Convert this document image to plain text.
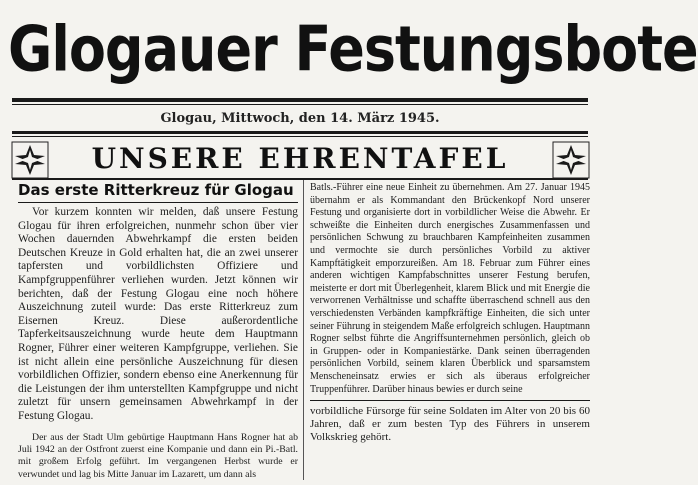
Glogauer Festungsbote
Glogau, Mittwoch, den 14. März 1945.
UNSERE EHRENTAFEL
Das erste Ritterkreuz für Glogau

Vor kurzem konnten wir melden, daß unsere Festung Glogau für ihren erfolgreichen, nunmehr schon über vier Wochen dauernden Abwehrkampf die ersten beiden Deutschen Kreuze in Gold erhalten hat, die an zwei unserer tapfersten und vorbildlichsten Offiziere und Kampfgruppenführer verliehen wurden. Jetzt können wir berichten, daß der Festung Glogau eine noch höhere Auszeichnung zuteil wurde: Das erste Ritterkreuz zum Eisernen Kreuz. Diese außerordentliche Tapferkeitsauszeichnung wurde heute dem Hauptmann Rogner, Führer einer weiteren Kampfgruppe, verliehen. Sie ist nicht allein eine persönliche Auszeichnung für diesen vorbildlichen Offizier, sondern ebenso eine Anerkennung für die Leistungen der ihm unterstellten Kampfgruppe und nicht zuletzt für unsern gemeinsamen Abwehrkampf in der Festung Glogau.

Der aus der Stadt Ulm gebürtige Hauptmann Hans Rogner hat ab Juli 1942 an der Ostfront zuerst eine Kompanie und dann ein Pi.-Batl. mit großem Erfolg geführt. Im vergangenen Herbst wurde er verwundet und lag bis Mitte Januar im Lazarett, um dann als

Batls.-Führer eine neue Einheit zu übernehmen. Am 27. Januar 1945 übernahm er als Kommandant den Brückenkopf Nord unserer Festung und organisierte dort in vorbildlicher Weise die Abwehr. Er schweißte die Einheiten durch energisches Zusammenfassen und persönlichen Schwung zu brauchbaren Kampfeinheiten zusammen und vermochte sie durch persönliches Vorbild zu aktiver Kampftätigkeit emporzureißen. Am 18. Februar zum Führer eines anderen wichtigen Kampfabschnittes unserer Festung berufen, meisterte er dort mit Überlegenheit, klarem Blick und mit Energie die verworrenen Verhältnisse und schaffte überraschend schnell aus den verschiedensten Verbänden kampfkräftige Einheiten, die sich unter seiner Führung in steigendem Maße erfolgreich schlugen. Hauptmann Rogner selbst führte die Angriffsunternehmen persönlich, gleich ob in Gruppen- oder in Kompaniestärke. Dank seinen überragenden persönlichen Vorbild, seinem klaren Überblick und sparsamstem Menscheneinsatz erwies er sich als überaus erfolgreicher Truppenführer. Darüber hinaus bewies er durch seine

vorbildliche Fürsorge für seine Soldaten im Alter von 20 bis 60 Jahren, daß er zum besten Typ des Führers in unserem Volkskrieg gehört.
